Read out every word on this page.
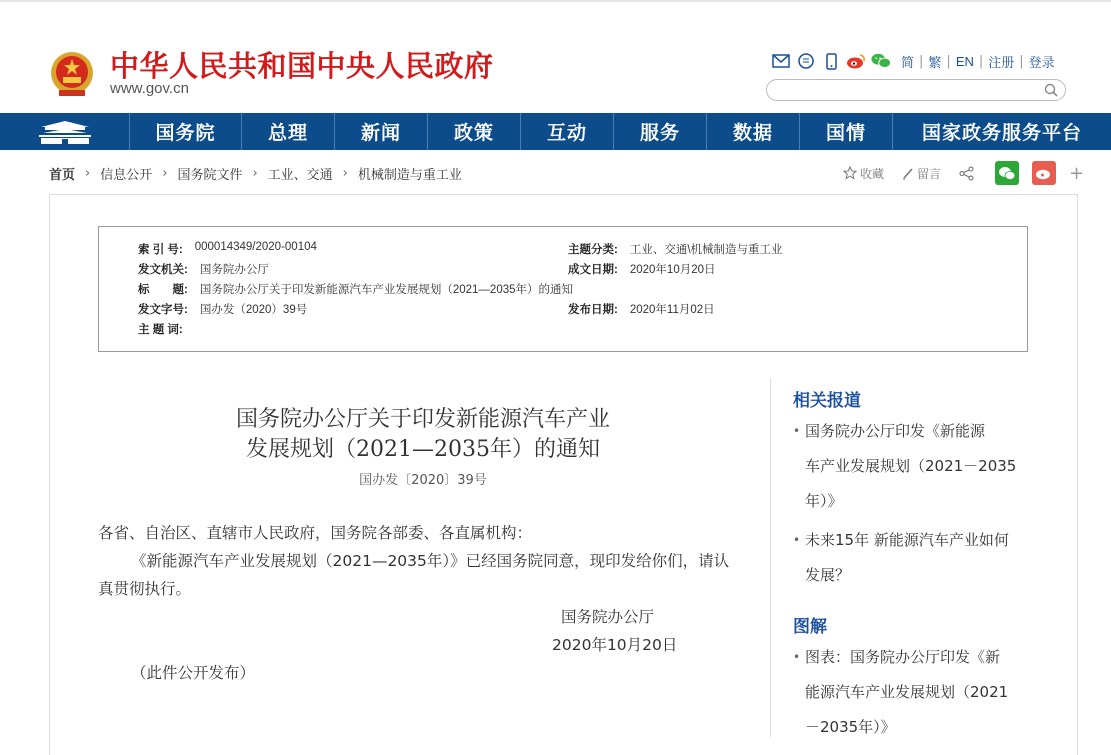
中华人民共和国中央人民政府
www.gov.cn
简 | 繁 | EN | 注册 | 登录
国务院	总理	新闻	政策	互动	服务	数据	国情	国家政务服务平台
首页 › 信息公开 › 国务院文件 › 工业、交通 › 机械制造与重工业	收藏	留言	+
索 引 号: 000014349/2020-00104	主题分类: 工业、交通\机械制造与重工业
发文机关: 国务院办公厅	成文日期: 2020年10月20日
标　　题: 国务院办公厅关于印发新能源汽车产业发展规划（2021—2035年）的通知
发文字号: 国办发（2020）39号	发布日期: 2020年11月02日
主 题 词:
国务院办公厅关于印发新能源汽车产业
发展规划（2021—2035年）的通知
国办发〔2020〕39号
各省、自治区、直辖市人民政府，国务院各部委、各直属机构：
《新能源汽车产业发展规划（2021—2035年）》已经国务院同意，现印发给你们，请认
真贯彻执行。
国务院办公厅
2020年10月20日
（此件公开发布）
相关报道
• 国务院办公厅印发《新能源
车产业发展规划（2021－2035
年）》
• 未来15年 新能源汽车产业如何
发展？
图解
• 图表：国务院办公厅印发《新
能源汽车产业发展规划（2021
－2035年）》
